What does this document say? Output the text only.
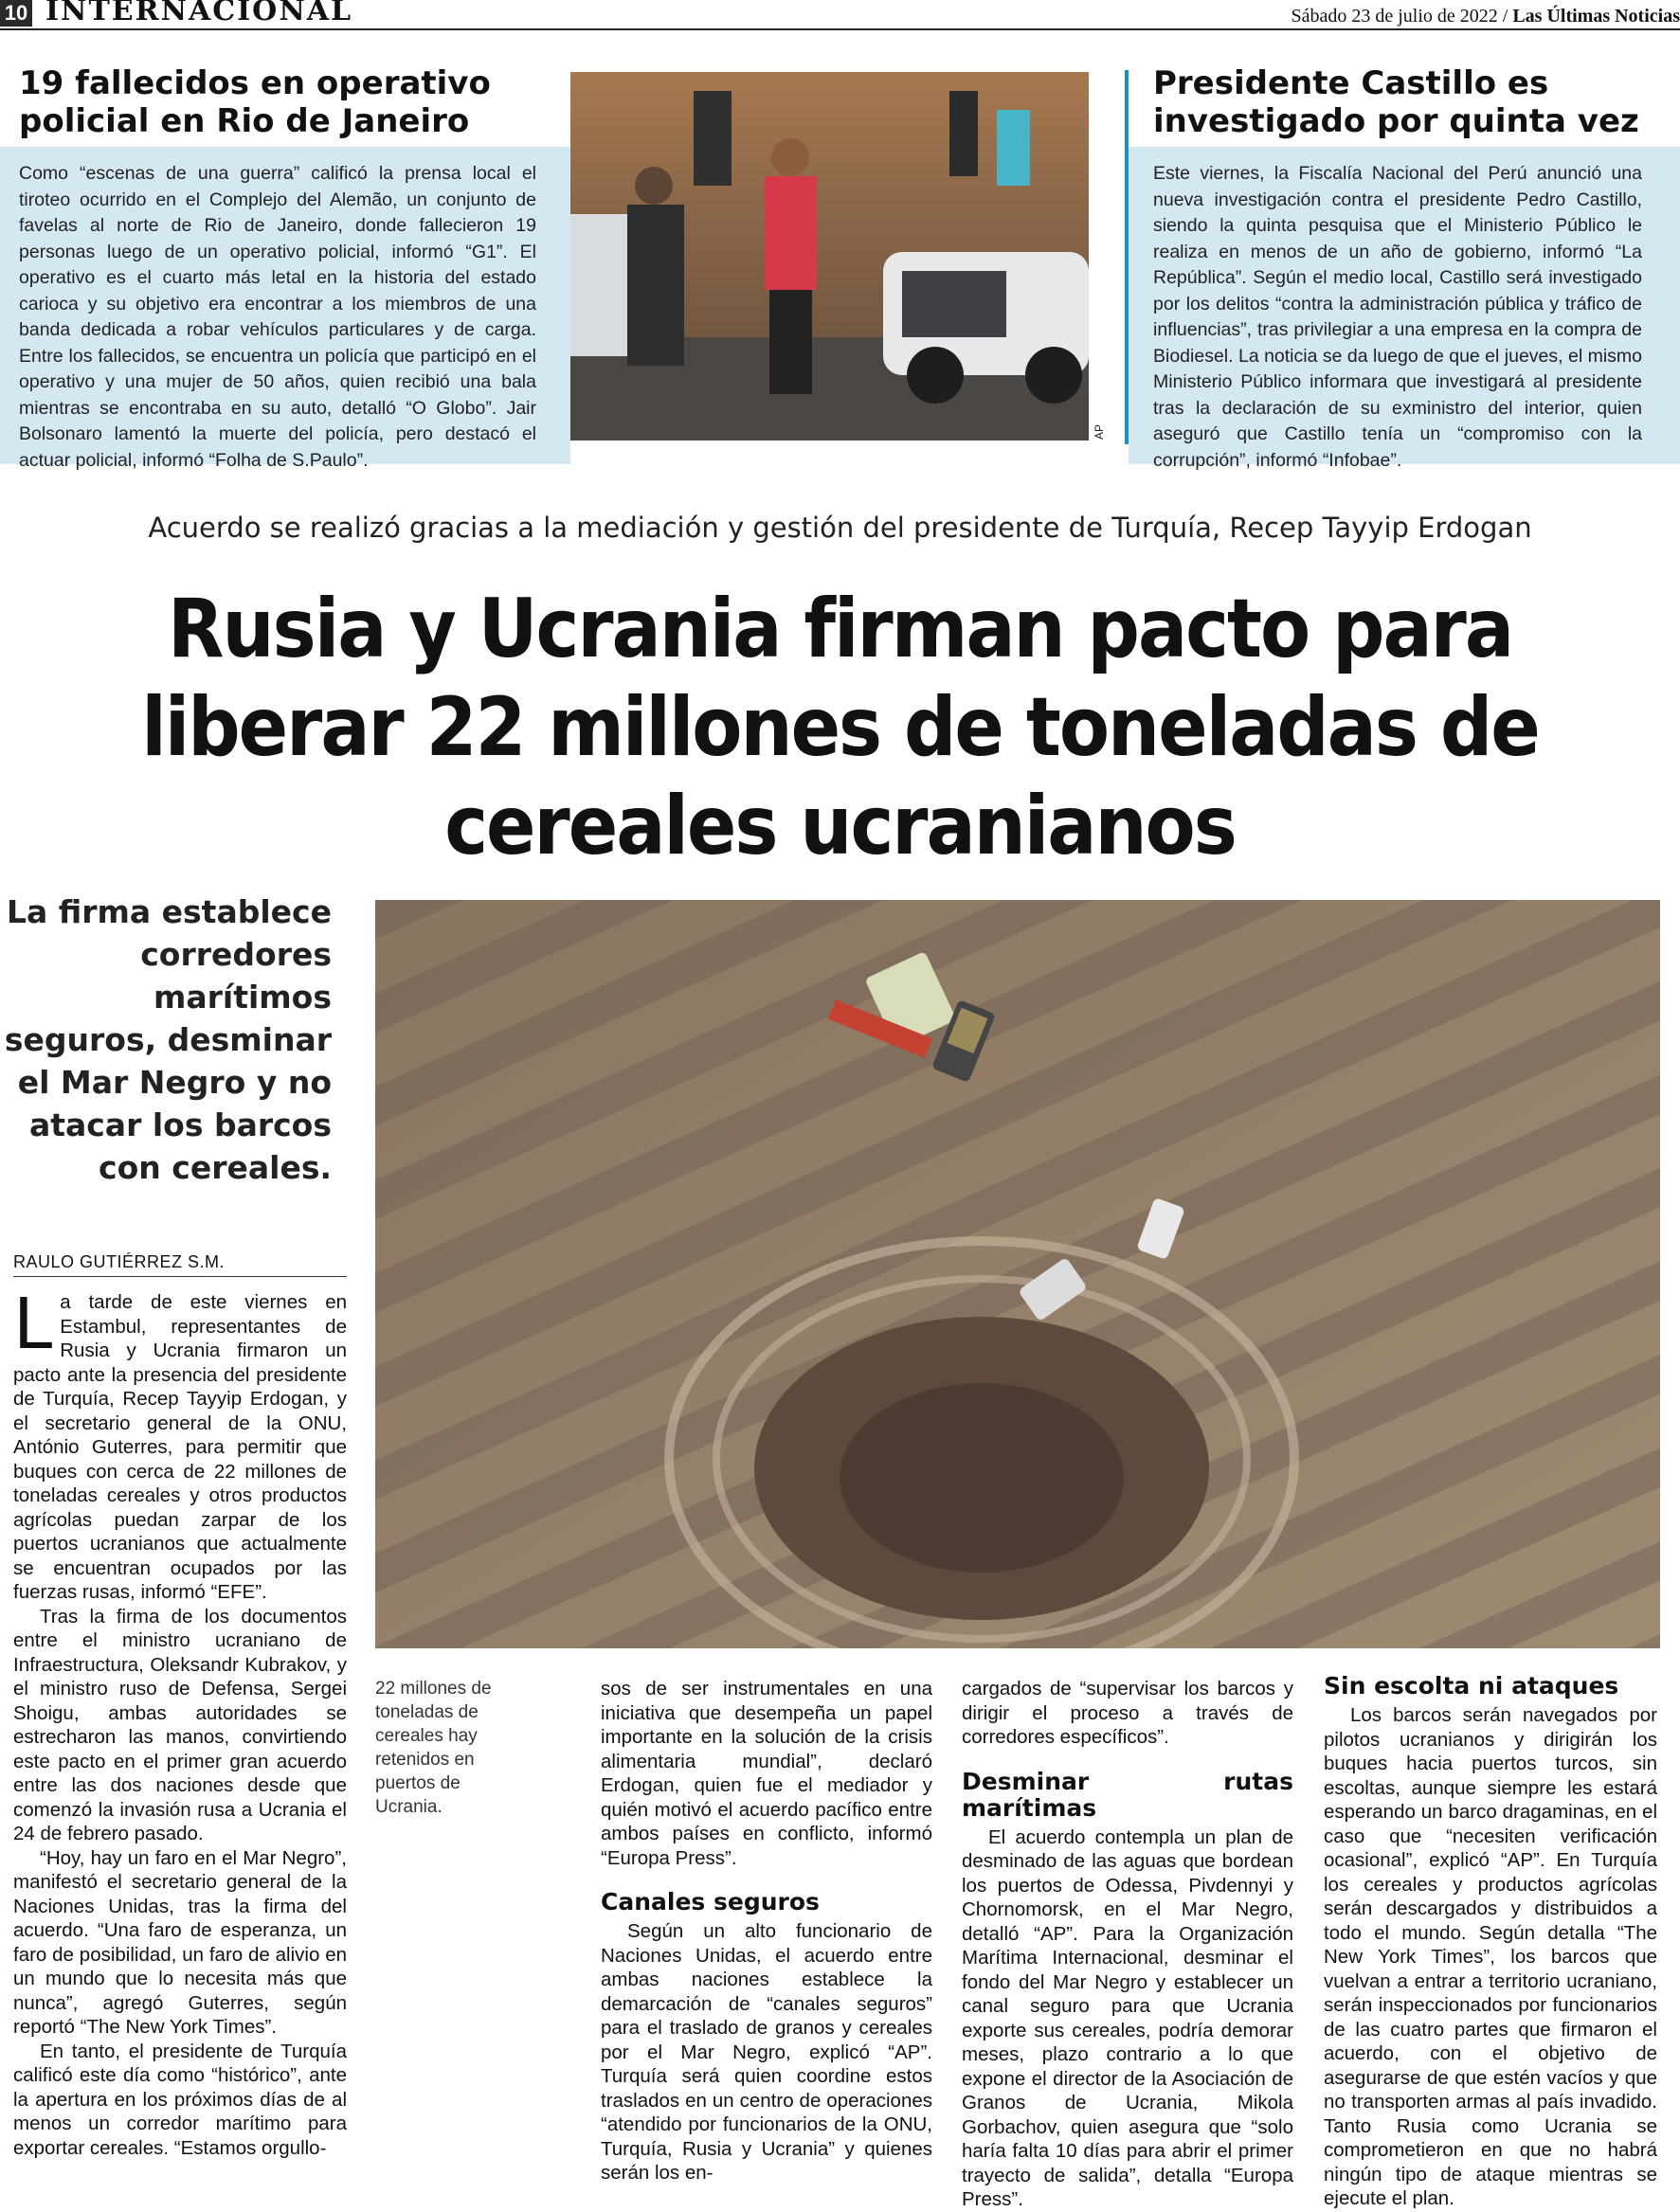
10 INTERNACIONAL	Sábado 23 de julio de 2022 / Las Últimas Noticias
19 fallecidos en operativo policial en Rio de Janeiro
Como “escenas de una guerra” calificó la prensa local el tiroteo ocurrido en el Complejo del Alemão, un conjunto de favelas al norte de Rio de Janeiro, donde fallecieron 19 personas luego de un operativo policial, informó “G1”. El operativo es el cuarto más letal en la historia del estado carioca y su objetivo era encontrar a los miembros de una banda dedicada a robar vehículos particulares y de carga. Entre los fallecidos, se encuentra un policía que participó en el operativo y una mujer de 50 años, quien recibió una bala mientras se encontraba en su auto, detalló “O Globo”. Jair Bolsonaro lamentó la muerte del policía, pero destacó el actuar policial, informó “Folha de S.Paulo”.
AP
Presidente Castillo es investigado por quinta vez
Este viernes, la Fiscalía Nacional del Perú anunció una nueva investigación contra el presidente Pedro Castillo, siendo la quinta pesquisa que el Ministerio Público le realiza en menos de un año de gobierno, informó “La República”. Según el medio local, Castillo será investigado por los delitos “contra la administración pública y tráfico de influencias”, tras privilegiar a una empresa en la compra de Biodiesel. La noticia se da luego de que el jueves, el mismo Ministerio Público informara que investigará al presidente tras la declaración de su exministro del interior, quien aseguró que Castillo tenía un “compromiso con la corrupción”, informó “Infobae”.
Acuerdo se realizó gracias a la mediación y gestión del presidente de Turquía, Recep Tayyip Erdogan
Rusia y Ucrania firman pacto para liberar 22 millones de toneladas de cereales ucranianos
La firma establece corredores marítimos seguros, desminar el Mar Negro y no atacar los barcos con cereales.
22 millones de toneladas de cereales hay retenidos en puertos de Ucrania.
RAULO GUTIÉRREZ S.M.

La tarde de este viernes en Estambul, representantes de Rusia y Ucrania firmaron un pacto ante la presencia del presidente de Turquía, Recep Tayyip Erdogan, y el secretario general de la ONU, António Guterres, para permitir que buques con cerca de 22 millones de toneladas cereales y otros productos agrícolas puedan zarpar de los puertos ucranianos que actualmente se encuentran ocupados por las fuerzas rusas, informó “EFE”.

Tras la firma de los documentos entre el ministro ucraniano de Infraestructura, Oleksandr Kubrakov, y el ministro ruso de Defensa, Sergei Shoigu, ambas autoridades se estrecharon las manos, convirtiendo este pacto en el primer gran acuerdo entre las dos naciones desde que comenzó la invasión rusa a Ucrania el 24 de febrero pasado.

“Hoy, hay un faro en el Mar Negro”, manifestó el secretario general de la Naciones Unidas, tras la firma del acuerdo. “Una faro de esperanza, un faro de posibilidad, un faro de alivio en un mundo que lo necesita más que nunca”, agregó Guterres, según reportó “The New York Times”.

En tanto, el presidente de Turquía calificó este día como “histórico”, ante la apertura en los próximos días de al menos un corredor marítimo para exportar cereales. “Estamos orgullo-

sos de ser instrumentales en una iniciativa que desempeña un papel importante en la solución de la crisis alimentaria mundial”, declaró Erdogan, quien fue el mediador y quién motivó el acuerdo pacífico entre ambos países en conflicto, informó “Europa Press”.

Canales seguros

Según un alto funcionario de Naciones Unidas, el acuerdo entre ambas naciones establece la demarcación de “canales seguros” para el traslado de granos y cereales por el Mar Negro, explicó “AP”. Turquía será quien coordine estos traslados en un centro de operaciones “atendido por funcionarios de la ONU, Turquía, Rusia y Ucrania” y quienes serán los en-

cargados de “supervisar los barcos y dirigir el proceso a través de corredores específicos”.

Desminar rutas marítimas

El acuerdo contempla un plan de desminado de las aguas que bordean los puertos de Odessa, Pivdennyi y Chornomorsk, en el Mar Negro, detalló “AP”. Para la Organización Marítima Internacional, desminar el fondo del Mar Negro y establecer un canal seguro para que Ucrania exporte sus cereales, podría demorar meses, plazo contrario a lo que expone el director de la Asociación de Granos de Ucrania, Mikola Gorbachov, quien asegura que “solo haría falta 10 días para abrir el primer trayecto de salida”, detalla “Europa Press”.

Sin escolta ni ataques

Los barcos serán navegados por pilotos ucranianos y dirigirán los buques hacia puertos turcos, sin escoltas, aunque siempre les estará esperando un barco dragaminas, en el caso que “necesiten verificación ocasional”, explicó “AP”. En Turquía los cereales y productos agrícolas serán descargados y distribuidos a todo el mundo. Según detalla “The New York Times”, los barcos que vuelvan a entrar a territorio ucraniano, serán inspeccionados por funcionarios de las cuatro partes que firmaron el acuerdo, con el objetivo de asegurarse de que estén vacíos y que no transporten armas al país invadido. Tanto Rusia como Ucrania se comprometieron en que no habrá ningún tipo de ataque mientras se ejecute el plan.
